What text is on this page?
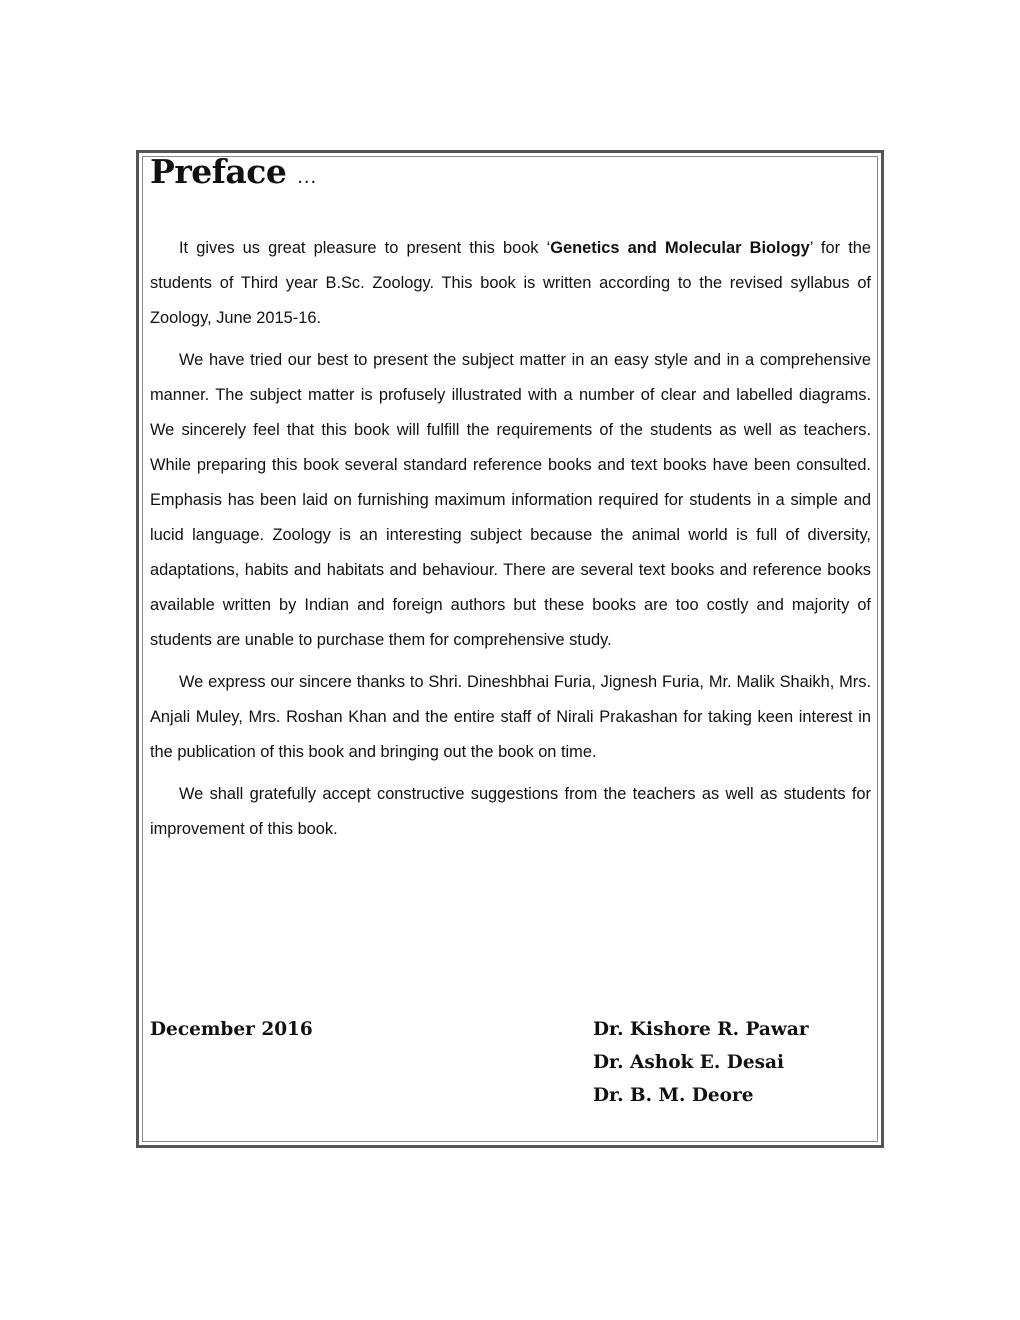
Preface ...

It gives us great pleasure to present this book ‘Genetics and Molecular Biology’ for the students of Third year B.Sc. Zoology. This book is written according to the revised syllabus of Zoology, June 2015-16.

We have tried our best to present the subject matter in an easy style and in a comprehensive manner. The subject matter is profusely illustrated with a number of clear and labelled diagrams. We sincerely feel that this book will fulfill the requirements of the students as well as teachers. While preparing this book several standard reference books and text books have been consulted. Emphasis has been laid on furnishing maximum information required for students in a simple and lucid language. Zoology is an interesting subject because the animal world is full of diversity, adaptations, habits and habitats and behaviour. There are several text books and reference books available written by Indian and foreign authors but these books are too costly and majority of students are unable to purchase them for comprehensive study.

We express our sincere thanks to Shri. Dineshbhai Furia, Jignesh Furia, Mr. Malik Shaikh, Mrs. Anjali Muley, Mrs. Roshan Khan and the entire staff of Nirali Prakashan for taking keen interest in the publication of this book and bringing out the book on time.

We shall gratefully accept constructive suggestions from the teachers as well as students for improvement of this book.

December 2016	Dr. Kishore R. Pawar
Dr. Ashok E. Desai
Dr. B. M. Deore
